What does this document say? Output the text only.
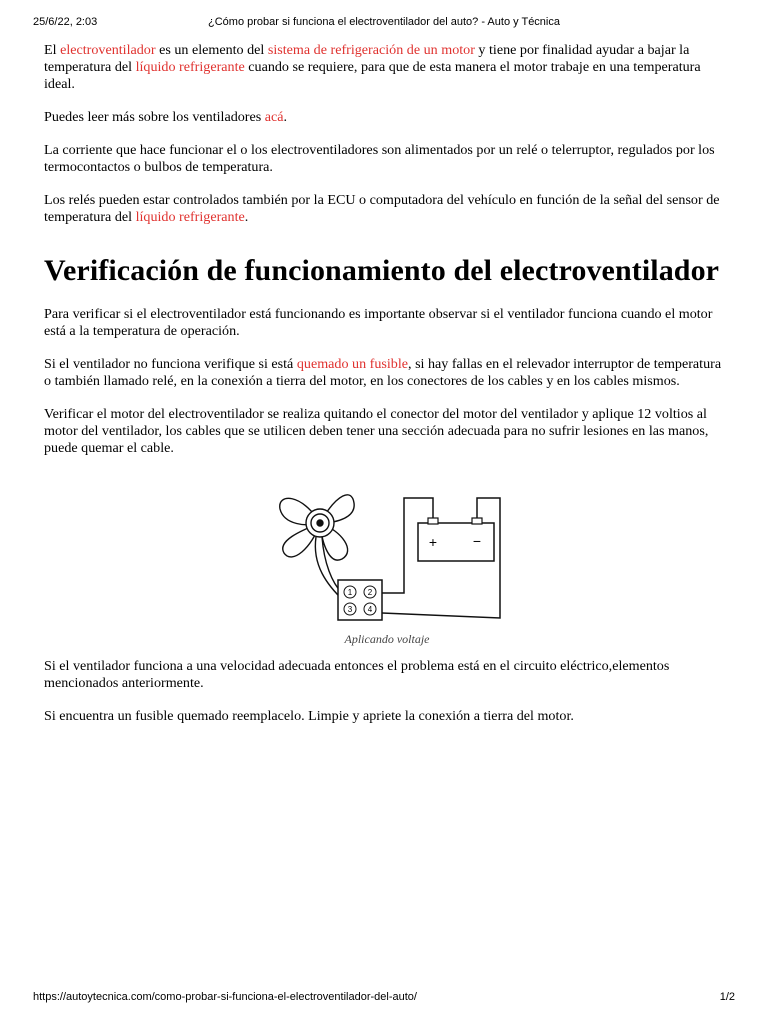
25/6/22, 2:03	¿Cómo probar si funciona el electroventilador del auto? - Auto y Técnica

El electroventilador es un elemento del sistema de refrigeración de un motor y tiene por finalidad ayudar a bajar la temperatura del líquido refrigerante cuando se requiere, para que de esta manera el motor trabaje en una temperatura ideal.

Puedes leer más sobre los ventiladores acá.

La corriente que hace funcionar el o los electroventiladores son alimentados por un relé o telerruptor, regulados por los termocontactos o bulbos de temperatura.

Los relés pueden estar controlados también por la ECU o computadora del vehículo en función de la señal del sensor de temperatura del líquido refrigerante.

Verificación de funcionamiento del electroventilador

Para verificar si el electroventilador está funcionando es importante observar si el ventilador funciona cuando el motor está a la temperatura de operación.

Si el ventilador no funciona verifique si está quemado un fusible, si hay fallas en el relevador interruptor de temperatura o también llamado relé, en la conexión a tierra del motor, en los conectores de los cables y en los cables mismos.

Verificar el motor del electroventilador se realiza quitando el conector del motor del ventilador y aplique 12 voltios al motor del ventilador, los cables que se utilicen deben tener una sección adecuada para no sufrir lesiones en las manos, puede quemar el cable.

1 2
3 4
+	−
Aplicando voltaje

Si el ventilador funciona a una velocidad adecuada entonces el problema está en el circuito eléctrico,elementos mencionados anteriormente.

Si encuentra un fusible quemado reemplacelo. Limpie y apriete la conexión a tierra del motor.

https://autoytecnica.com/como-probar-si-funciona-el-electroventilador-del-auto/	1/2
